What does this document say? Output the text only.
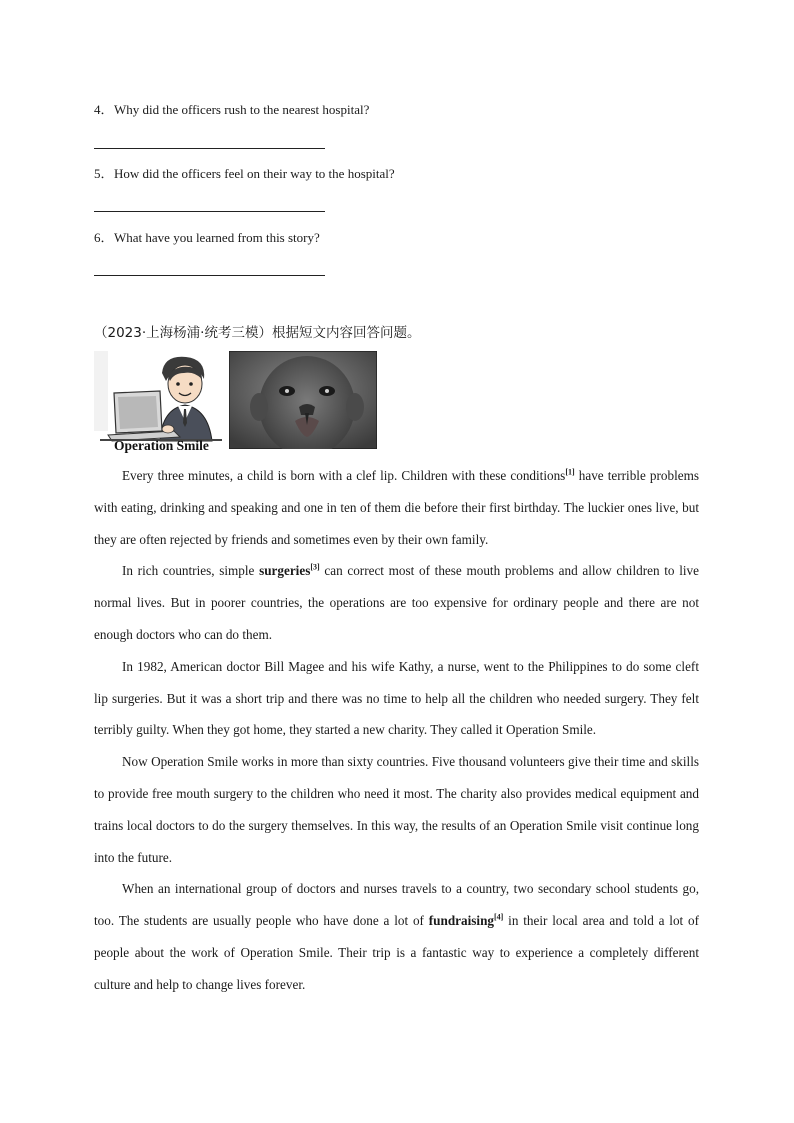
4．Why did the officers rush to the nearest hospital?
5．How did the officers feel on their way to the hospital?
6．What have you learned from this story?
（2023·上海杨浦·统考三模）根据短文内容回答问题。
Operation Smile

Every three minutes, a child is born with a clef lip. Children with these conditions[1] have terrible problems with eating, drinking and speaking and one in ten of them die before their first birthday. The luckier ones live, but they are often rejected by friends and sometimes even by their own family.

In rich countries, simple surgeries[3] can correct most of these mouth problems and allow children to live normal lives. But in poorer countries, the operations are too expensive for ordinary people and there are not enough doctors who can do them.

In 1982, American doctor Bill Magee and his wife Kathy, a nurse, went to the Philippines to do some cleft lip surgeries. But it was a short trip and there was no time to help all the children who needed surgery. They felt terribly guilty. When they got home, they started a new charity. They called it Operation Smile.

Now Operation Smile works in more than sixty countries. Five thousand volunteers give their time and skills to provide free mouth surgery to the children who need it most. The charity also provides medical equipment and trains local doctors to do the surgery themselves. In this way, the results of an Operation Smile visit continue long into the future.

When an international group of doctors and nurses travels to a country, two secondary school students go, too. The students are usually people who have done a lot of fundraising[4] in their local area and told a lot of people about the work of Operation Smile. Their trip is a fantastic way to experience a completely different culture and help to change lives forever.
